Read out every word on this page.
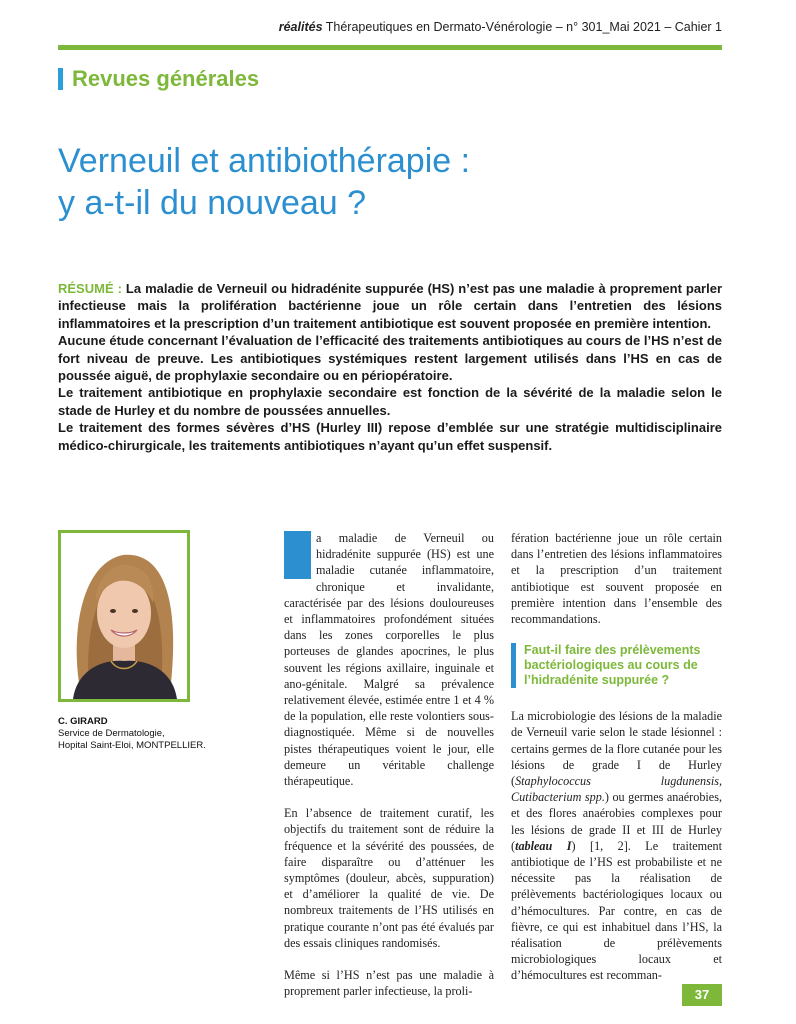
réalités Thérapeutiques en Dermato-Vénérologie – n° 301_Mai 2021 – Cahier 1
Revues générales
Verneuil et antibiothérapie :
y a-t-il du nouveau ?

RÉSUMÉ : La maladie de Verneuil ou hidradénite suppurée (HS) n’est pas une maladie à proprement parler infectieuse mais la prolifération bactérienne joue un rôle certain dans l’entretien des lésions inflammatoires et la prescription d’un traitement antibiotique est souvent proposée en première intention.

Aucune étude concernant l’évaluation de l’efficacité des traitements antibiotiques au cours de l’HS n’est de fort niveau de preuve. Les antibiotiques systémiques restent largement utilisés dans l’HS en cas de poussée aiguë, de prophylaxie secondaire ou en périopératoire.

Le traitement antibiotique en prophylaxie secondaire est fonction de la sévérité de la maladie selon le stade de Hurley et du nombre de poussées annuelles.

Le traitement des formes sévères d’HS (Hurley III) repose d’emblée sur une stratégie multidisciplinaire médico-chirurgicale, les traitements antibiotiques n’ayant qu’un effet suspensif.

C. GIRARD
Service de Dermatologie,
Hopital Saint-Eloi, MONTPELLIER.

a maladie de Verneuil ou hidradénite suppurée (HS) est une maladie cutanée inflammatoire, chronique et invalidante, caractérisée par des lésions douloureuses et inflammatoires profondément situées dans les zones corporelles le plus porteuses de glandes apocrines, le plus souvent les régions axillaire, inguinale et ano-génitale. Malgré sa prévalence relativement élevée, estimée entre 1 et 4 % de la population, elle reste volontiers sous-diagnostiquée. Même si de nouvelles pistes thérapeutiques voient le jour, elle demeure un véritable challenge thérapeutique.

En l’absence de traitement curatif, les objectifs du traitement sont de réduire la fréquence et la sévérité des poussées, de faire disparaître ou d’atténuer les symptômes (douleur, abcès, suppuration) et d’améliorer la qualité de vie. De nombreux traitements de l’HS utilisés en pratique courante n’ont pas été évalués par des essais cliniques randomisés.

Même si l’HS n’est pas une maladie à proprement parler infectieuse, la proli-

fération bactérienne joue un rôle certain dans l’entretien des lésions inflammatoires et la prescription d’un traitement antibiotique est souvent proposée en première intention dans l’ensemble des recommandations.

Faut-il faire des prélèvements bactériologiques au cours de l’hidradénite suppurée ?

La microbiologie des lésions de la maladie de Verneuil varie selon le stade lésionnel : certains germes de la flore cutanée pour les lésions de grade I de Hurley (Staphylococcus lugdunensis, Cutibacterium spp.) ou germes anaérobies, et des flores anaérobies complexes pour les lésions de grade II et III de Hurley (tableau I) [1, 2]. Le traitement antibiotique de l’HS est probabiliste et ne nécessite pas la réalisation de prélèvements bactériologiques locaux ou d’hémocultures. Par contre, en cas de fièvre, ce qui est inhabituel dans l’HS, la réalisation de prélèvements microbiologiques locaux et d’hémocultures est recomman-

37
